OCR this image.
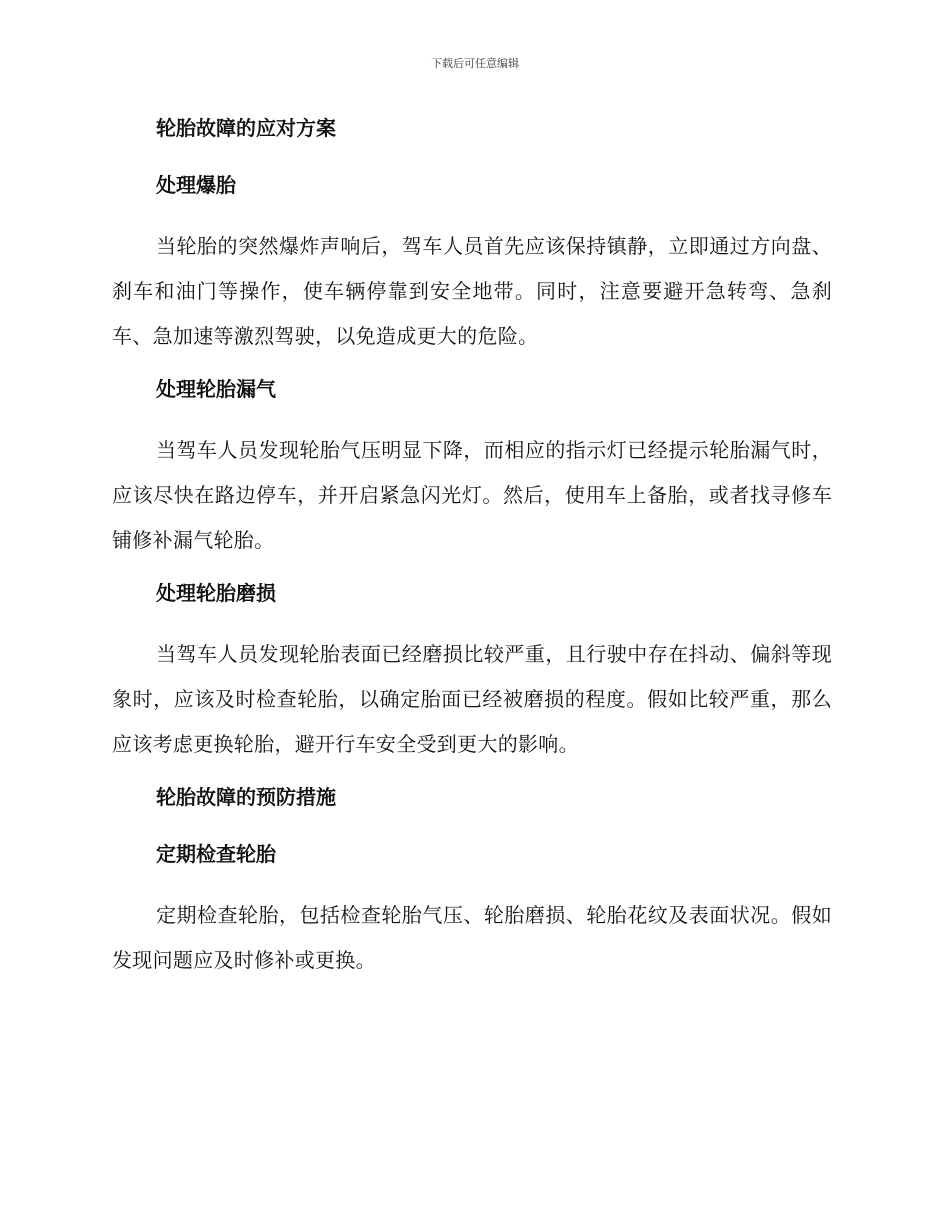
下载后可任意编辑
轮胎故障的应对方案
处理爆胎

当轮胎的突然爆炸声响后，驾车人员首先应该保持镇静，立即通过方向盘、刹车和油门等操作，使车辆停靠到安全地带。同时，注意要避开急转弯、急刹车、急加速等激烈驾驶，以免造成更大的危险。

处理轮胎漏气

当驾车人员发现轮胎气压明显下降，而相应的指示灯已经提示轮胎漏气时，应该尽快在路边停车，并开启紧急闪光灯。然后，使用车上备胎，或者找寻修车铺修补漏气轮胎。

处理轮胎磨损

当驾车人员发现轮胎表面已经磨损比较严重，且行驶中存在抖动、偏斜等现象时，应该及时检查轮胎，以确定胎面已经被磨损的程度。假如比较严重，那么应该考虑更换轮胎，避开行车安全受到更大的影响。

轮胎故障的预防措施
定期检查轮胎

定期检查轮胎，包括检查轮胎气压、轮胎磨损、轮胎花纹及表面状况。假如发现问题应及时修补或更换。
